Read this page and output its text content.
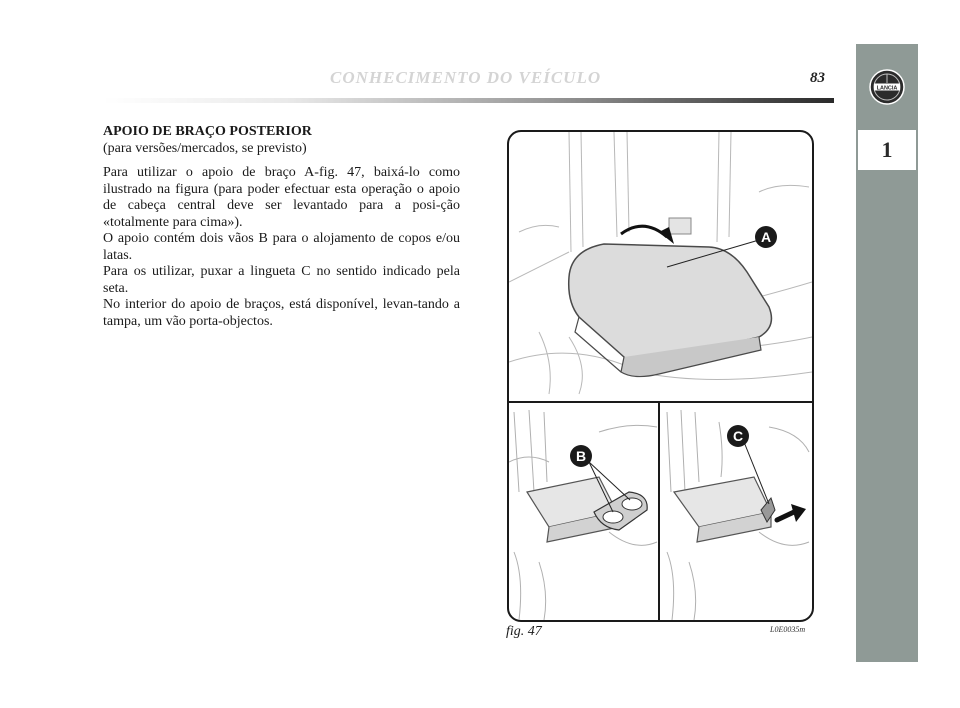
CONHECIMENTO DO VEÍCULO	83
1
LANCIA
APOIO DE BRAÇO POSTERIOR
(para versões/mercados, se previsto)

Para utilizar o apoio de braço A-fig. 47, baixá-lo como ilustrado na figura (para poder efectuar esta operação o apoio de cabeça central deve ser levantado para a posi-ção «totalmente para cima»).

O apoio contém dois vãos B para o alojamento de copos e/ou latas.

Para os utilizar, puxar a lingueta C no sentido indicado pela seta.

No interior do apoio de braços, está disponível, levan-tando a tampa, um vão porta-objectos.

A
B
C
fig. 47	L0E0035m
